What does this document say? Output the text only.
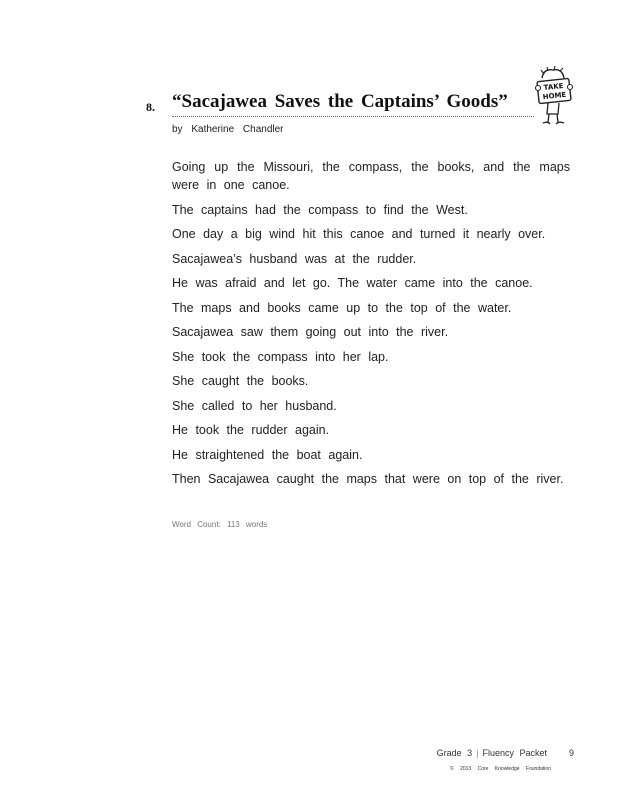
8. “Sacajawea Saves the Captains’ Goods”
by Katherine Chandler
TAKE
HOME

Going up the Missouri, the compass, the books, and the maps were in one canoe.

The captains had the compass to find the West.

One day a big wind hit this canoe and turned it nearly over.

Sacajawea’s husband was at the rudder.

He was afraid and let go. The water came into the canoe.

The maps and books came up to the top of the water.

Sacajawea saw them going out into the river.

She took the compass into her lap.

She caught the books.

She called to her husband.

He took the rudder again.

He straightened the boat again.

Then Sacajawea caught the maps that were on top of the river.

Word Count: 113 words
Grade 3 | Fluency Packet 9
© 2013 Core Knowledge Foundation
